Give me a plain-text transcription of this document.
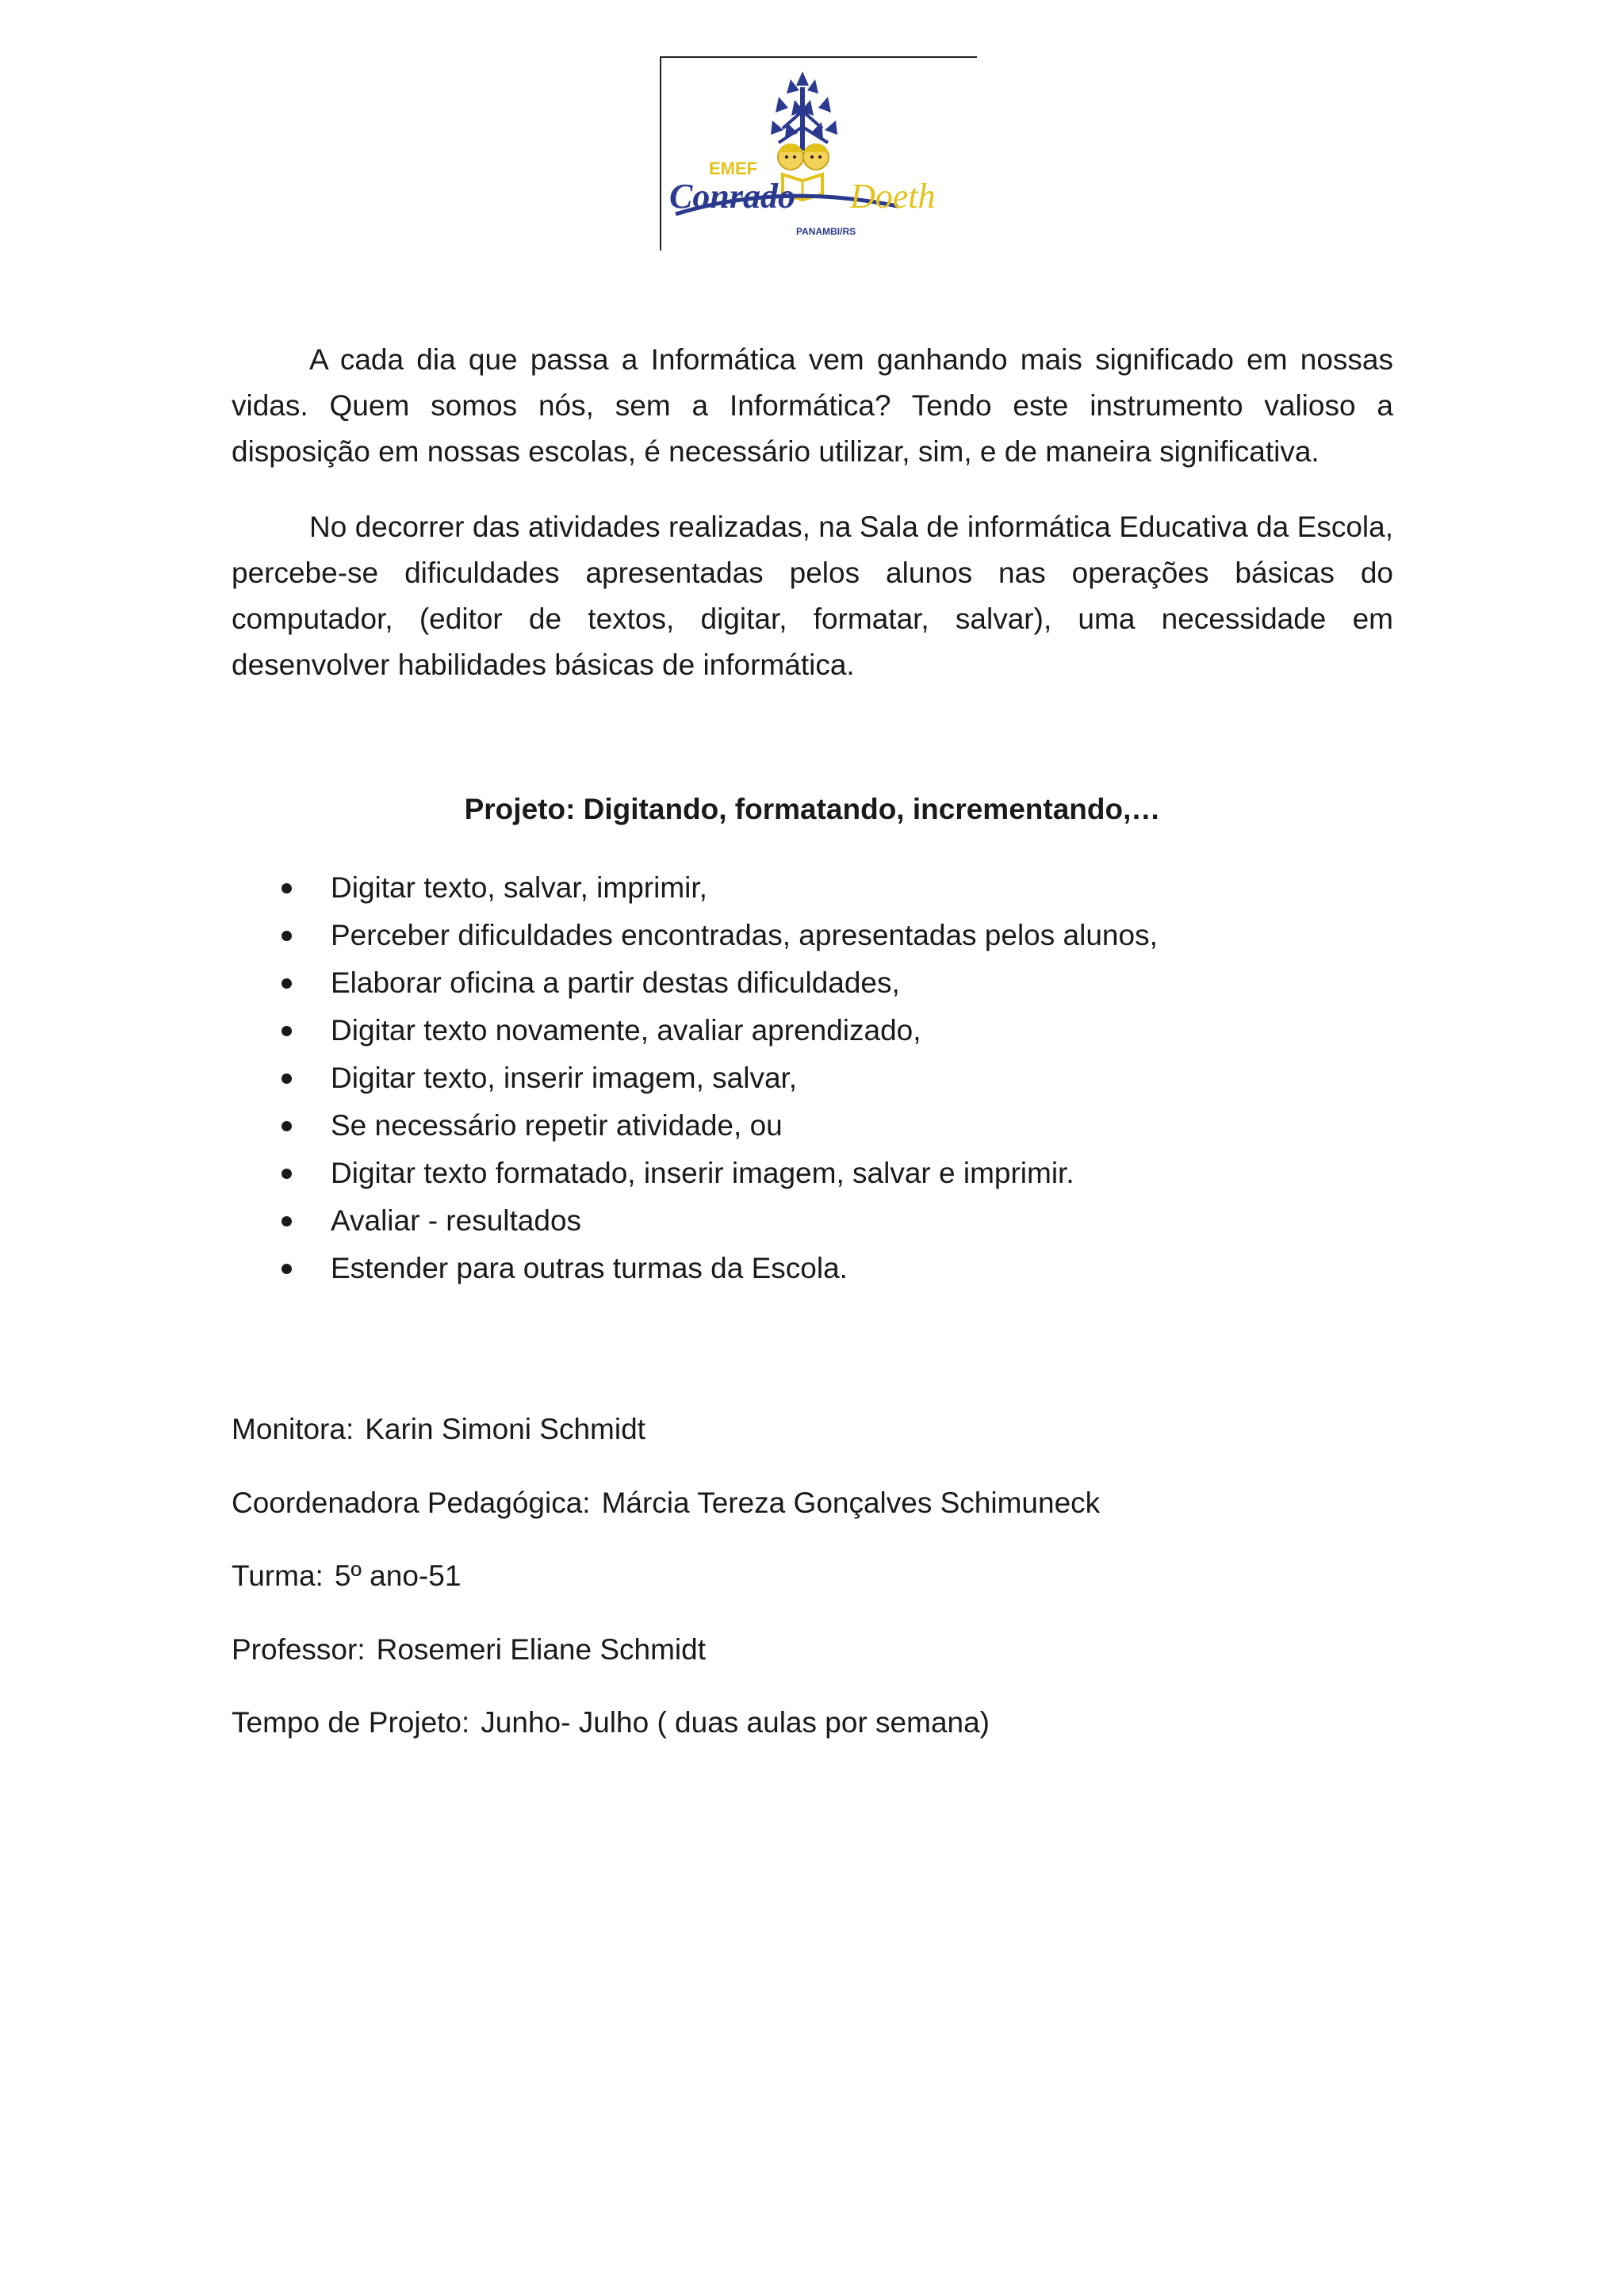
EMEF
Conrado Doeth
PANAMBI/RS

A cada dia que passa a Informática vem ganhando mais significado em nossas vidas. Quem somos nós, sem a Informática? Tendo este instrumento valioso a disposição em nossas escolas, é necessário utilizar, sim, e de maneira significativa.

No decorrer das atividades realizadas, na Sala de informática Educativa da Escola, percebe-se dificuldades apresentadas pelos alunos nas operações básicas do computador, (editor de textos, digitar, formatar, salvar), uma necessidade em desenvolver habilidades básicas de informática.

Projeto: Digitando, formatando, incrementando,…

Digitar texto, salvar, imprimir,
Perceber dificuldades encontradas, apresentadas pelos alunos,
Elaborar oficina a partir destas dificuldades,
Digitar texto novamente, avaliar aprendizado,
Digitar texto, inserir imagem, salvar,
Se necessário repetir atividade, ou
Digitar texto formatado, inserir imagem, salvar e imprimir.
Avaliar - resultados
Estender para outras turmas da Escola.
Monitora: Karin Simoni Schmidt
Coordenadora Pedagógica: Márcia Tereza Gonçalves Schimuneck
Turma: 5º ano-51
Professor: Rosemeri Eliane Schmidt
Tempo de Projeto: Junho- Julho ( duas aulas por semana)
